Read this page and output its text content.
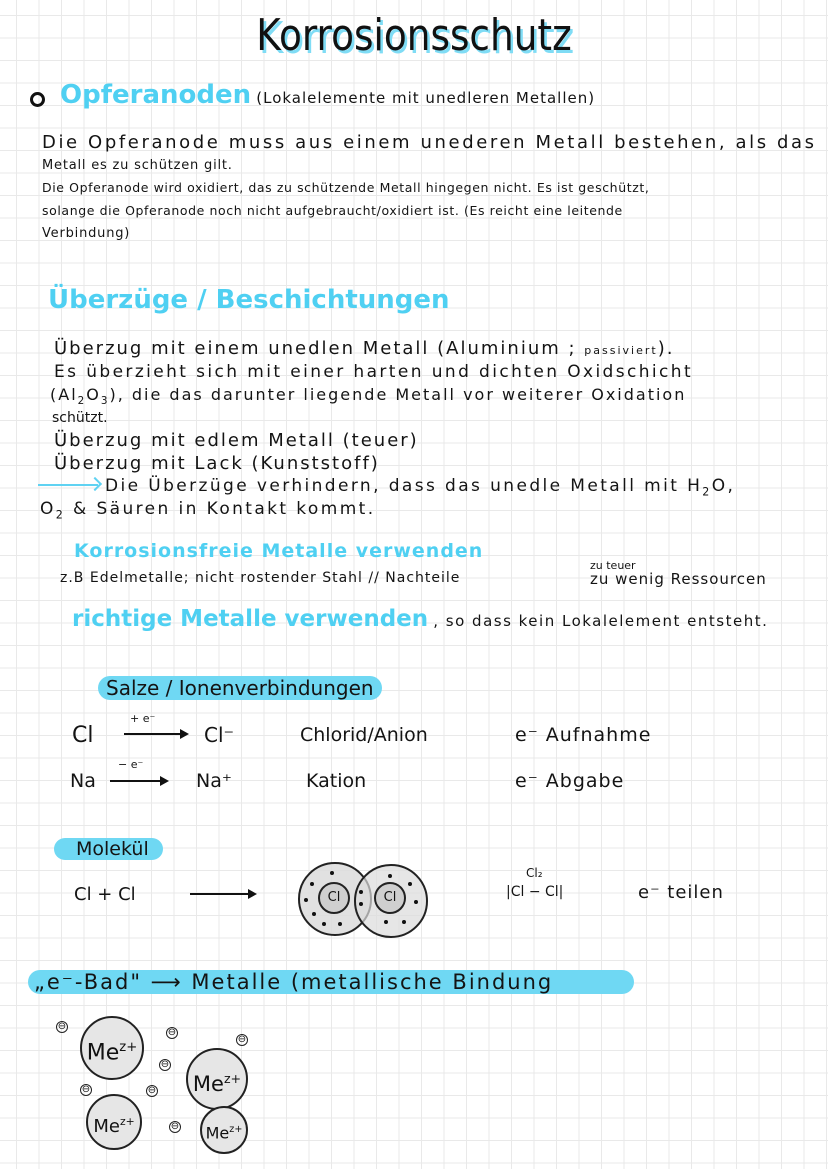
Korrosionsschutz
Opferanoden (Lokalelemente mit unedleren Metallen)
Die Opferanode muss aus einem unederen Metall bestehen, als das
Metall es zu schützen gilt.
Die Opferanode wird oxidiert, das zu schützende Metall hingegen nicht. Es ist geschützt,
solange die Opferanode noch nicht aufgebraucht/oxidiert ist. (Es reicht eine leitende
Verbindung)
Überzüge / Beschichtungen
Überzug mit einem unedlen Metall (Aluminium ; passiviert).
Es überzieht sich mit einer harten und dichten Oxidschicht
$(Al_2O_3)$, die das darunter liegende Metall vor weiterer Oxidation
schützt.
Überzug mit edlem Metall (teuer)
Überzug mit Lack (Kunststoff)
Die Überzüge verhindern, dass das unedle Metall mit $H_2O$,
$O_2$ & Säuren in Kontakt kommt.
Korrosionsfreie Metalle verwenden
z.B Edelmetalle; nicht rostender Stahl // Nachteile
zu teuer
zu wenig Ressourcen
richtige Metalle verwenden , so dass kein Lokalelement entsteht.
Salze / Ionenverbindungen
Cl
+ e⁻
Cl⁻	Chlorid/Anion	e⁻ Aufnahme
Na
− e⁻
Na⁺	Kation	e⁻ Abgabe
Molekül
Cl + Cl	Cl	Cl
Cl₂
|Cl − Cl|	e⁻ teilen
„e⁻-Bad" ⟶ Metalle (metallische Bindung
$Me^{z+}$
$Me^{z+}$
$Me^{z+}$
$Me^{z+}$
⊖
⊖
⊖
⊖
⊖	⊖
⊖
